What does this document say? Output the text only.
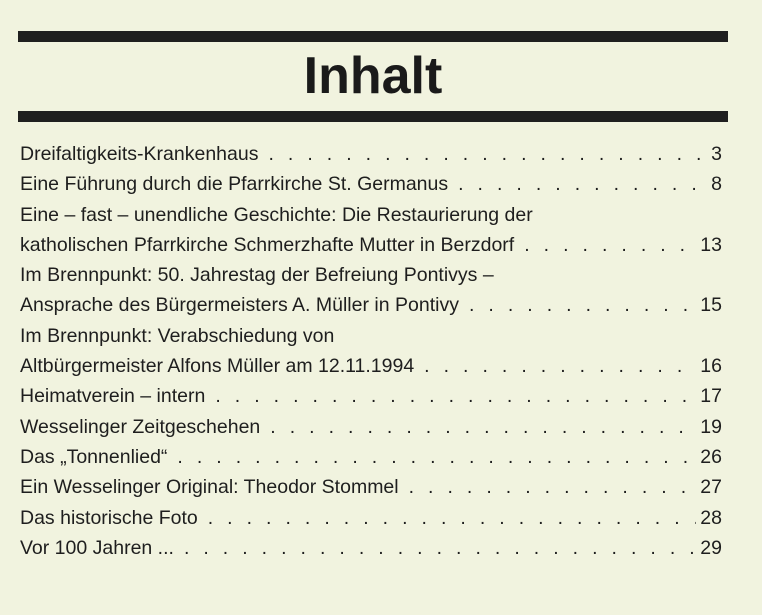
Inhalt
Dreifaltigkeits-Krankenhaus . . .	3
Eine Führung durch die Pfarrkirche St. Germanus . . .	8
Eine – fast – unendliche Geschichte: Die Restaurierung der
katholischen Pfarrkirche Schmerzhafte Mutter in Berzdorf . . .	13
Im Brennpunkt: 50. Jahrestag der Befreiung Pontivys –
Ansprache des Bürgermeisters A. Müller in Pontivy . . .	15
Im Brennpunkt: Verabschiedung von
Altbürgermeister Alfons Müller am 12.11.1994 . . .	16
Heimatverein – intern . . .	17
Wesselinger Zeitgeschehen . . .	19
Das „Tonnenlied“ . . .	26
Ein Wesselinger Original: Theodor Stommel . . .	27
Das historische Foto . . .	28
Vor 100 Jahren ... . . .	29
